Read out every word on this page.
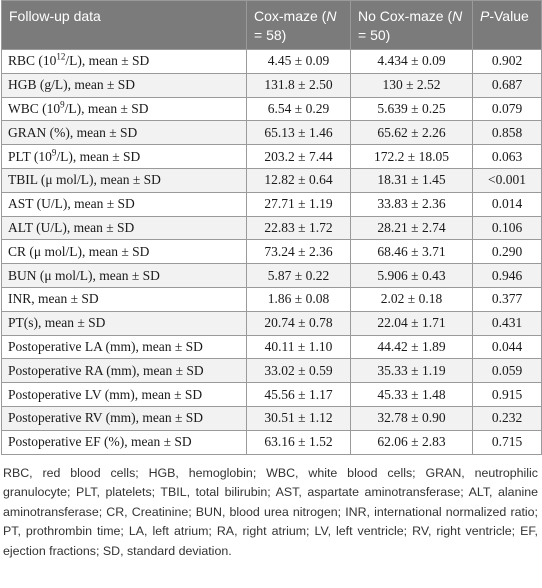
Follow-up data	Cox-maze (N = 58)	No Cox-maze (N = 50)	P-Value
RBC $(10^{12}/L)$, mean ± SD	4.45 ± 0.09	4.434 ± 0.09	0.902
HGB (g/L), mean ± SD	131.8 ± 2.50	130 ± 2.52	0.687
WBC $(10^9/L)$, mean ± SD	6.54 ± 0.29	5.639 ± 0.25	0.079
GRAN (%), mean ± SD	65.13 ± 1.46	65.62 ± 2.26	0.858
PLT $(10^9/L)$, mean ± SD	203.2 ± 7.44	172.2 ± 18.05	0.063
TBIL (μ mol/L), mean ± SD	12.82 ± 0.64	18.31 ± 1.45	<0.001
AST (U/L), mean ± SD	27.71 ± 1.19	33.83 ± 2.36	0.014
ALT (U/L), mean ± SD	22.83 ± 1.72	28.21 ± 2.74	0.106
CR (μ mol/L), mean ± SD	73.24 ± 2.36	68.46 ± 3.71	0.290
BUN (μ mol/L), mean ± SD	5.87 ± 0.22	5.906 ± 0.43	0.946
INR, mean ± SD	1.86 ± 0.08	2.02 ± 0.18	0.377
PT(s), mean ± SD	20.74 ± 0.78	22.04 ± 1.71	0.431
Postoperative LA (mm), mean ± SD	40.11 ± 1.10	44.42 ± 1.89	0.044
Postoperative RA (mm), mean ± SD	33.02 ± 0.59	35.33 ± 1.19	0.059
Postoperative LV (mm), mean ± SD	45.56 ± 1.17	45.33 ± 1.48	0.915
Postoperative RV (mm), mean ± SD	30.51 ± 1.12	32.78 ± 0.90	0.232
Postoperative EF (%), mean ± SD	63.16 ± 1.52	62.06 ± 2.83	0.715

RBC, red blood cells; HGB, hemoglobin; WBC, white blood cells; GRAN, neutrophilic granulocyte; PLT, platelets; TBIL, total bilirubin; AST, aspartate aminotransferase; ALT, alanine aminotransferase; CR, Creatinine; BUN, blood urea nitrogen; INR, international normalized ratio; PT, prothrombin time; LA, left atrium; RA, right atrium; LV, left ventricle; RV, right ventricle; EF, ejection fractions; SD, standard deviation.
